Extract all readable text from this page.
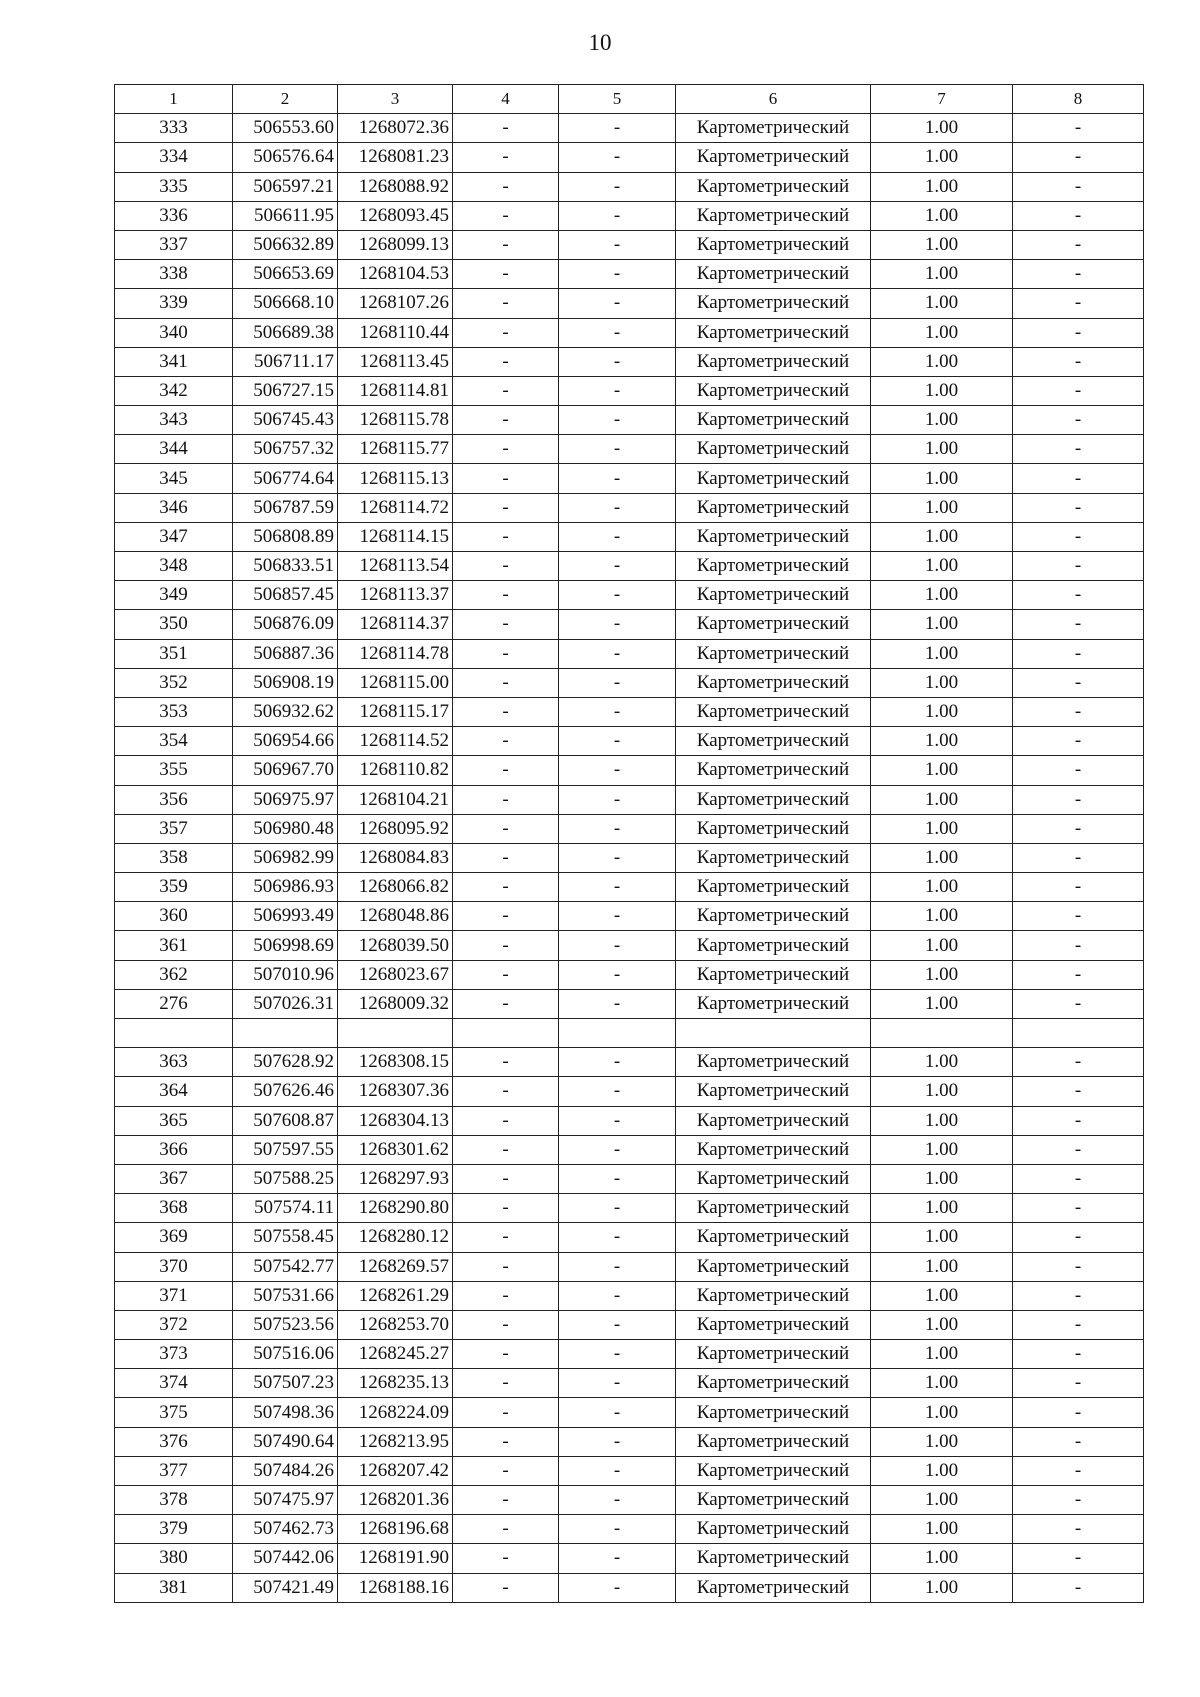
10
1	2	3	4	5	6	7	8
333	506553.60	1268072.36	-	-	Картометрический	1.00	-
334	506576.64	1268081.23	-	-	Картометрический	1.00	-
335	506597.21	1268088.92	-	-	Картометрический	1.00	-
336	506611.95	1268093.45	-	-	Картометрический	1.00	-
337	506632.89	1268099.13	-	-	Картометрический	1.00	-
338	506653.69	1268104.53	-	-	Картометрический	1.00	-
339	506668.10	1268107.26	-	-	Картометрический	1.00	-
340	506689.38	1268110.44	-	-	Картометрический	1.00	-
341	506711.17	1268113.45	-	-	Картометрический	1.00	-
342	506727.15	1268114.81	-	-	Картометрический	1.00	-
343	506745.43	1268115.78	-	-	Картометрический	1.00	-
344	506757.32	1268115.77	-	-	Картометрический	1.00	-
345	506774.64	1268115.13	-	-	Картометрический	1.00	-
346	506787.59	1268114.72	-	-	Картометрический	1.00	-
347	506808.89	1268114.15	-	-	Картометрический	1.00	-
348	506833.51	1268113.54	-	-	Картометрический	1.00	-
349	506857.45	1268113.37	-	-	Картометрический	1.00	-
350	506876.09	1268114.37	-	-	Картометрический	1.00	-
351	506887.36	1268114.78	-	-	Картометрический	1.00	-
352	506908.19	1268115.00	-	-	Картометрический	1.00	-
353	506932.62	1268115.17	-	-	Картометрический	1.00	-
354	506954.66	1268114.52	-	-	Картометрический	1.00	-
355	506967.70	1268110.82	-	-	Картометрический	1.00	-
356	506975.97	1268104.21	-	-	Картометрический	1.00	-
357	506980.48	1268095.92	-	-	Картометрический	1.00	-
358	506982.99	1268084.83	-	-	Картометрический	1.00	-
359	506986.93	1268066.82	-	-	Картометрический	1.00	-
360	506993.49	1268048.86	-	-	Картометрический	1.00	-
361	506998.69	1268039.50	-	-	Картометрический	1.00	-
362	507010.96	1268023.67	-	-	Картометрический	1.00	-
276	507026.31	1268009.32	-	-	Картометрический	1.00	-

363	507628.92	1268308.15	-	-	Картометрический	1.00	-
364	507626.46	1268307.36	-	-	Картометрический	1.00	-
365	507608.87	1268304.13	-	-	Картометрический	1.00	-
366	507597.55	1268301.62	-	-	Картометрический	1.00	-
367	507588.25	1268297.93	-	-	Картометрический	1.00	-
368	507574.11	1268290.80	-	-	Картометрический	1.00	-
369	507558.45	1268280.12	-	-	Картометрический	1.00	-
370	507542.77	1268269.57	-	-	Картометрический	1.00	-
371	507531.66	1268261.29	-	-	Картометрический	1.00	-
372	507523.56	1268253.70	-	-	Картометрический	1.00	-
373	507516.06	1268245.27	-	-	Картометрический	1.00	-
374	507507.23	1268235.13	-	-	Картометрический	1.00	-
375	507498.36	1268224.09	-	-	Картометрический	1.00	-
376	507490.64	1268213.95	-	-	Картометрический	1.00	-
377	507484.26	1268207.42	-	-	Картометрический	1.00	-
378	507475.97	1268201.36	-	-	Картометрический	1.00	-
379	507462.73	1268196.68	-	-	Картометрический	1.00	-
380	507442.06	1268191.90	-	-	Картометрический	1.00	-
381	507421.49	1268188.16	-	-	Картометрический	1.00	-
